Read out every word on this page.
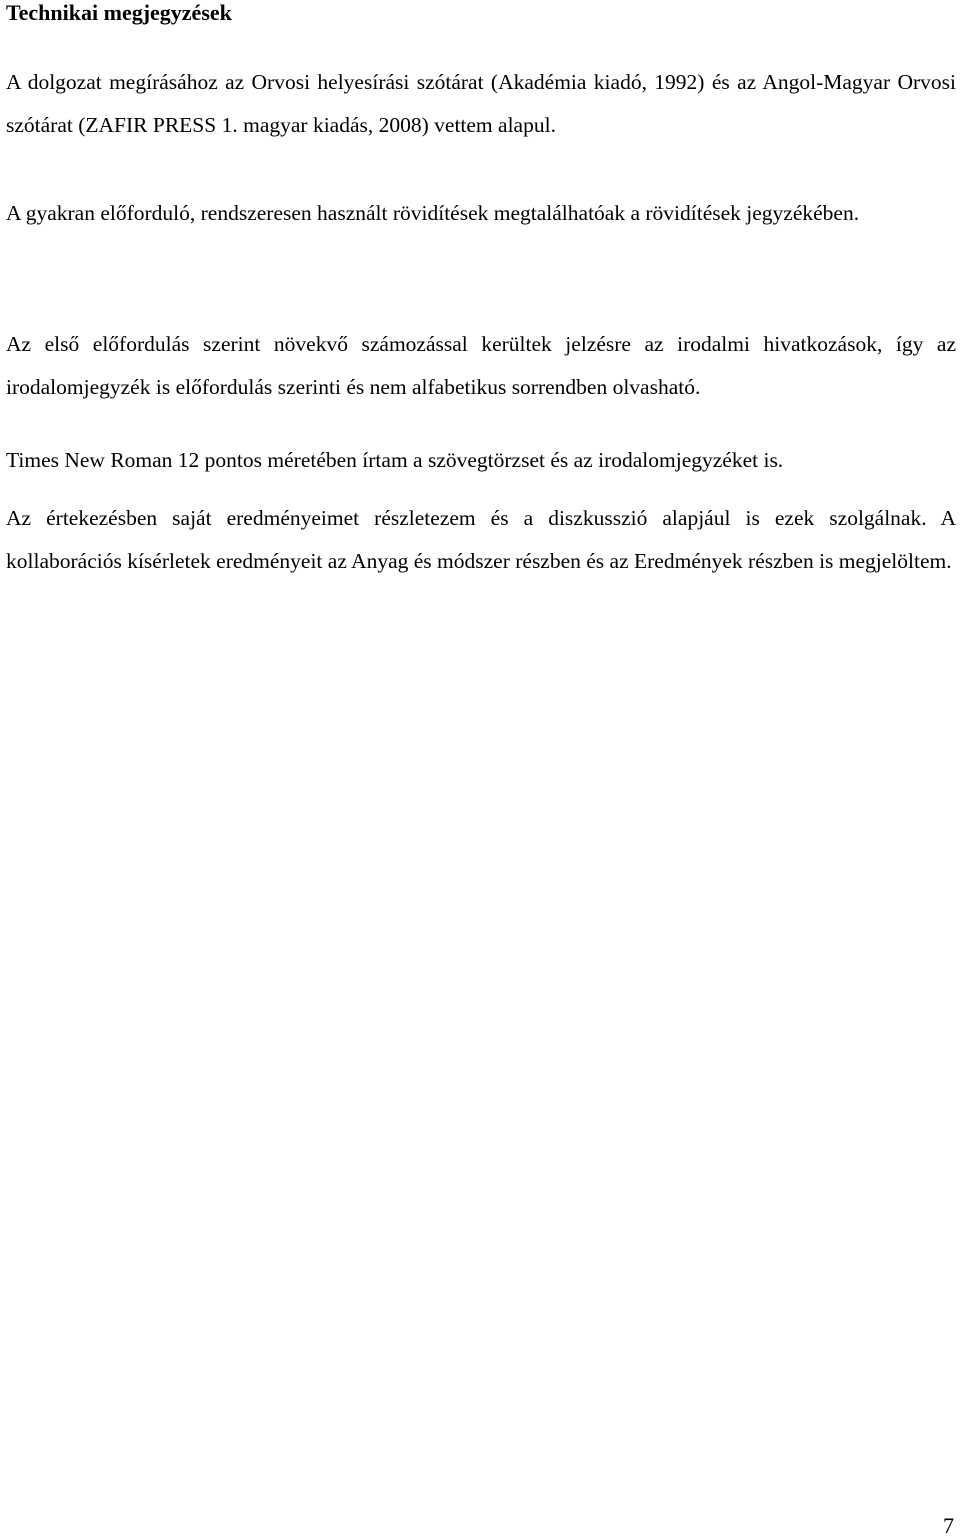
Technikai megjegyzések

A dolgozat megírásához az Orvosi helyesírási szótárat (Akadémia kiadó, 1992) és az Angol-Magyar Orvosi szótárat (ZAFIR PRESS 1. magyar kiadás, 2008) vettem alapul.

A gyakran előforduló, rendszeresen használt rövidítések megtalálhatóak a rövidítések jegyzékében.

Az első előfordulás szerint növekvő számozással kerültek jelzésre az irodalmi hivatkozások, így az irodalomjegyzék is előfordulás szerinti és nem alfabetikus sorrendben olvasható.

Times New Roman 12 pontos méretében írtam a szövegtörzset és az irodalomjegyzéket is.

Az értekezésben saját eredményeimet részletezem és a diszkusszió alapjául is ezek szolgálnak. A kollaborációs kísérletek eredményeit az Anyag és módszer részben és az Eredmények részben is megjelöltem.

7
